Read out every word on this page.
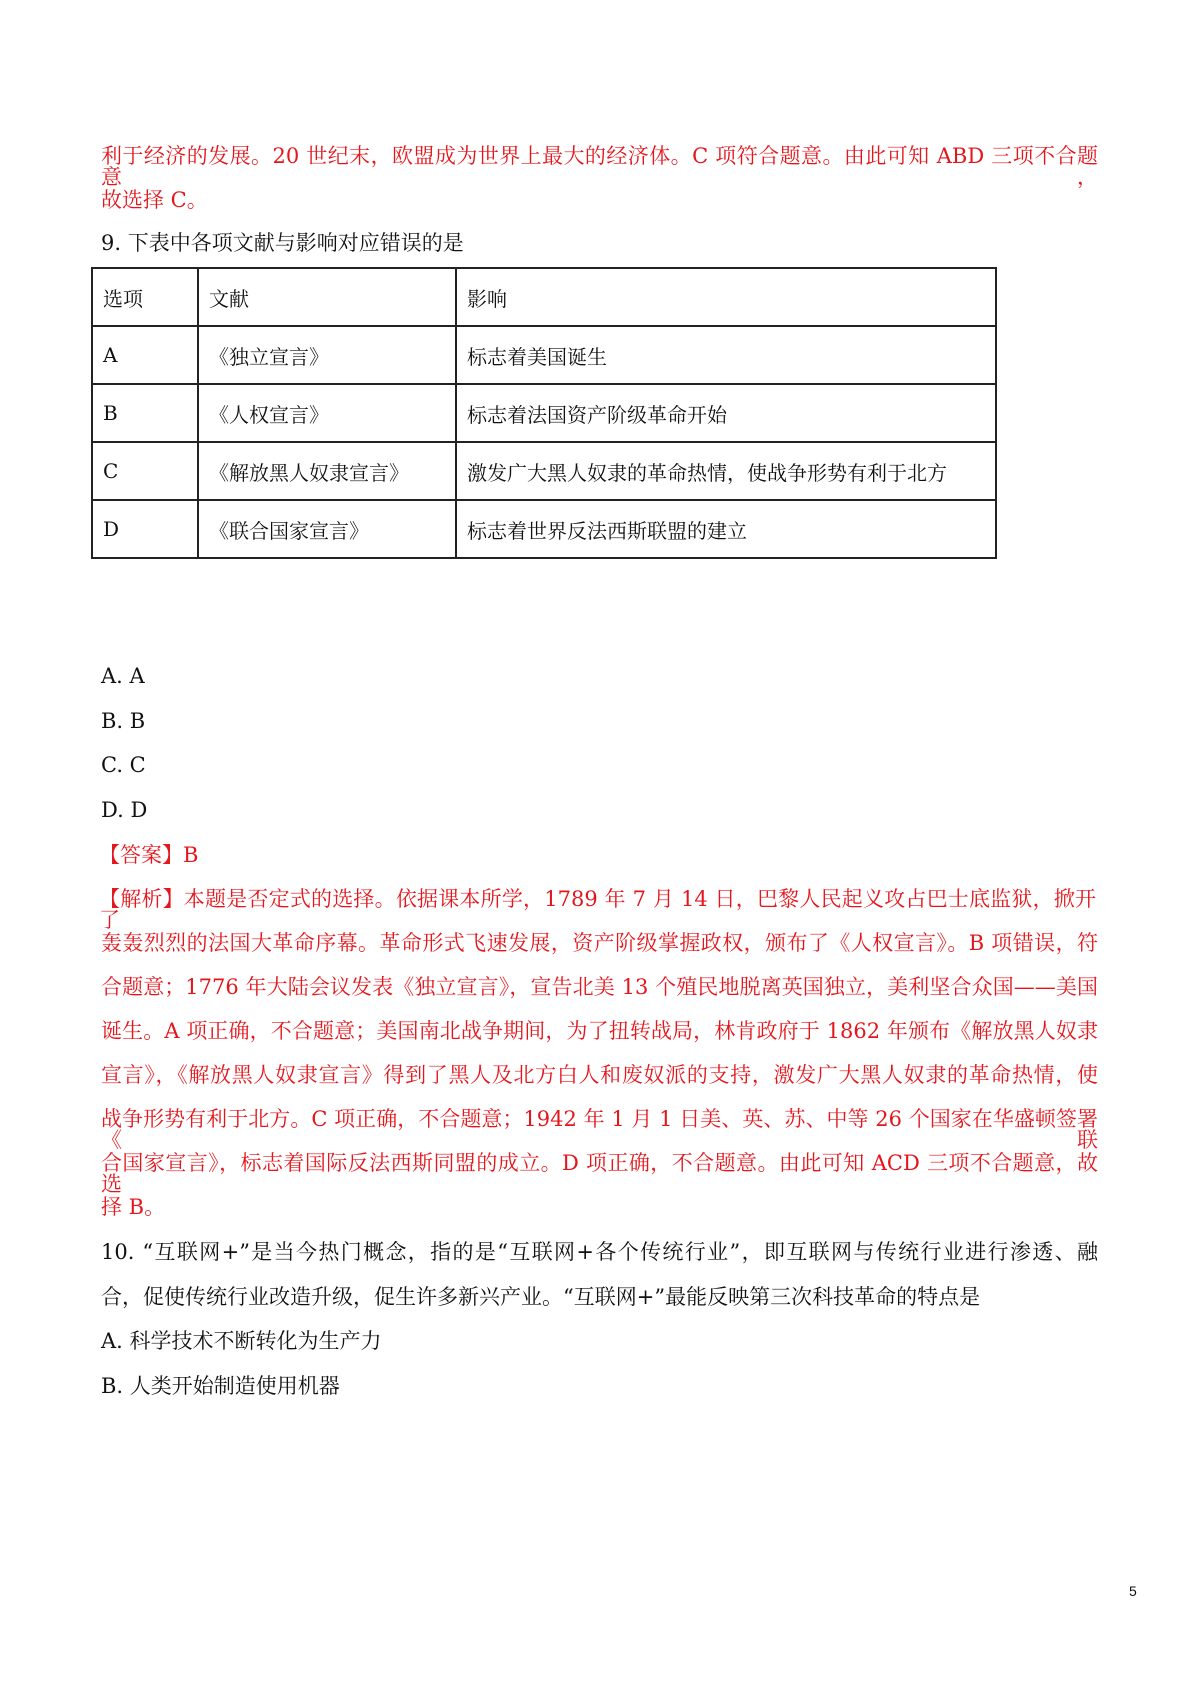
利于经济的发展。20 世纪末，欧盟成为世界上最大的经济体。C 项符合题意。由此可知 ABD 三项不合题意，
故选择 C。
9. 下表中各项文献与影响对应错误的是
选项	文献	影响
A	《独立宣言》	标志着美国诞生
B	《人权宣言》	标志着法国资产阶级革命开始
C	《解放黑人奴隶宣言》	激发广大黑人奴隶的革命热情，使战争形势有利于北方
D	《联合国家宣言》	标志着世界反法西斯联盟的建立
A. A
B. B
C. C
D. D
【答案】B
【解析】本题是否定式的选择。依据课本所学，1789 年 7 月 14 日，巴黎人民起义攻占巴士底监狱，掀开了
轰轰烈烈的法国大革命序幕。革命形式飞速发展，资产阶级掌握政权，颁布了《人权宣言》。B 项错误，符
合题意；1776 年大陆会议发表《独立宣言》，宣告北美 13 个殖民地脱离英国独立，美利坚合众国——美国
诞生。A 项正确，不合题意；美国南北战争期间，为了扭转战局，林肯政府于 1862 年颁布《解放黑人奴隶
宣言》，《解放黑人奴隶宣言》得到了黑人及北方白人和废奴派的支持，激发广大黑人奴隶的革命热情，使
战争形势有利于北方。C 项正确，不合题意；1942 年 1 月 1 日美、英、苏、中等 26 个国家在华盛顿签署《联
合国家宣言》，标志着国际反法西斯同盟的成立。D 项正确，不合题意。由此可知 ACD 三项不合题意，故选
择 B。
10. “互联网+”是当今热门概念，指的是“互联网+各个传统行业”，即互联网与传统行业进行渗透、融
合，促使传统行业改造升级，促生许多新兴产业。“互联网+”最能反映第三次科技革命的特点是
A. 科学技术不断转化为生产力
B. 人类开始制造使用机器
5
